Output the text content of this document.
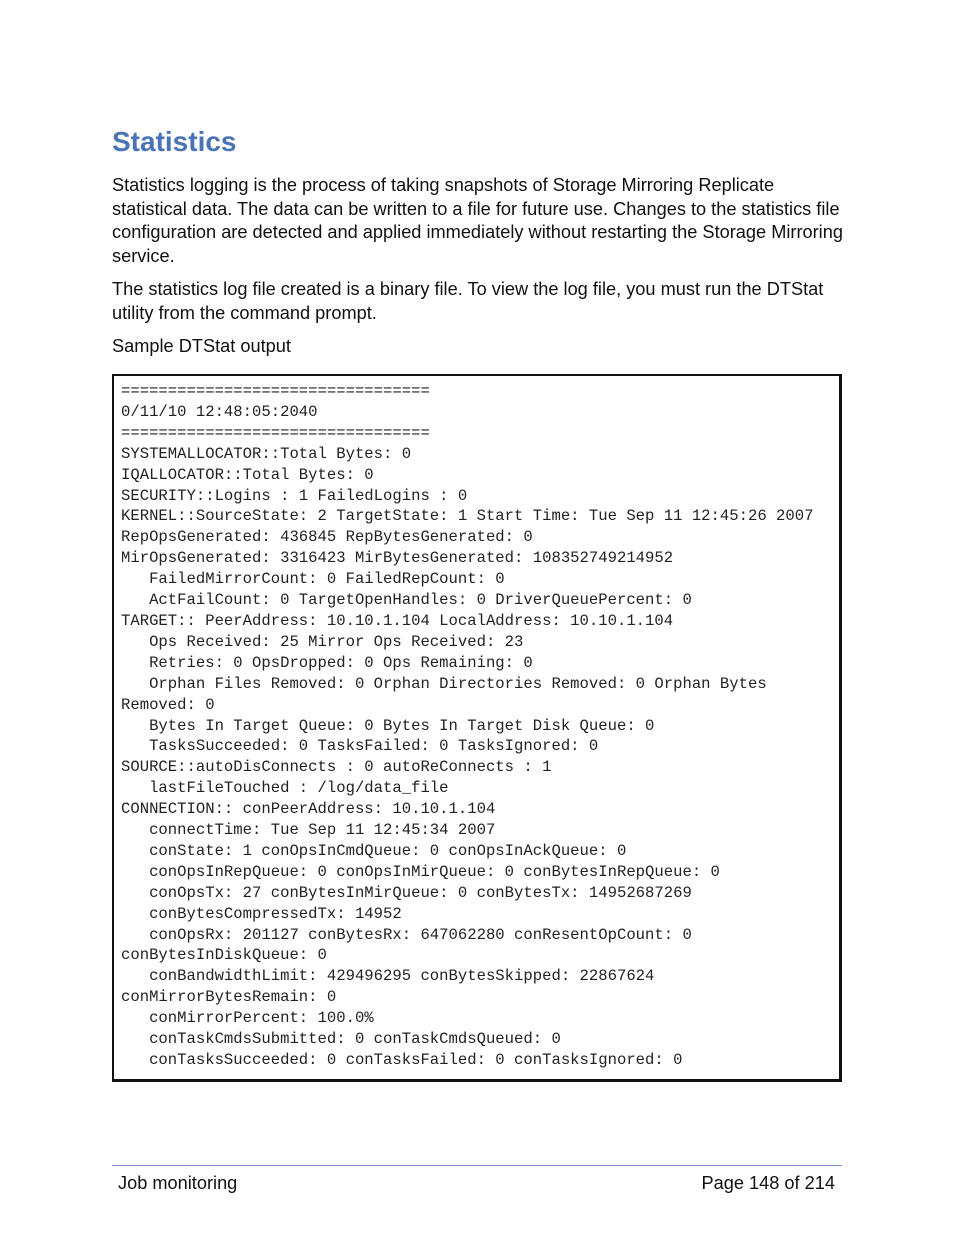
Statistics

Statistics logging is the process of taking snapshots of Storage Mirroring Replicate statistical data. The data can be written to a file for future use. Changes to the statistics file configuration are detected and applied immediately without restarting the Storage Mirroring service.

The statistics log file created is a binary file. To view the log file, you must run the DTStat utility from the command prompt.

Sample DTStat output

=================================
0/11/10 12:48:05:2040
=================================
SYSTEMALLOCATOR::Total Bytes: 0
IQALLOCATOR::Total Bytes: 0
SECURITY::Logins : 1 FailedLogins : 0
KERNEL::SourceState: 2 TargetState: 1 Start Time: Tue Sep 11 12:45:26 2007
RepOpsGenerated: 436845 RepBytesGenerated: 0
MirOpsGenerated: 3316423 MirBytesGenerated: 108352749214952
FailedMirrorCount: 0 FailedRepCount: 0
ActFailCount: 0 TargetOpenHandles: 0 DriverQueuePercent: 0
TARGET:: PeerAddress: 10.10.1.104 LocalAddress: 10.10.1.104
Ops Received: 25 Mirror Ops Received: 23
Retries: 0 OpsDropped: 0 Ops Remaining: 0
Orphan Files Removed: 0 Orphan Directories Removed: 0 Orphan Bytes
Removed: 0
Bytes In Target Queue: 0 Bytes In Target Disk Queue: 0
TasksSucceeded: 0 TasksFailed: 0 TasksIgnored: 0
SOURCE::autoDisConnects : 0 autoReConnects : 1
lastFileTouched : /log/data_file
CONNECTION:: conPeerAddress: 10.10.1.104
connectTime: Tue Sep 11 12:45:34 2007
conState: 1 conOpsInCmdQueue: 0 conOpsInAckQueue: 0
conOpsInRepQueue: 0 conOpsInMirQueue: 0 conBytesInRepQueue: 0
conOpsTx: 27 conBytesInMirQueue: 0 conBytesTx: 14952687269
conBytesCompressedTx: 14952
conOpsRx: 201127 conBytesRx: 647062280 conResentOpCount: 0
conBytesInDiskQueue: 0
conBandwidthLimit: 429496295 conBytesSkipped: 22867624
conMirrorBytesRemain: 0
conMirrorPercent: 100.0%
conTaskCmdsSubmitted: 0 conTaskCmdsQueued: 0
conTasksSucceeded: 0 conTasksFailed: 0 conTasksIgnored: 0
Job monitoring	Page 148 of 214
